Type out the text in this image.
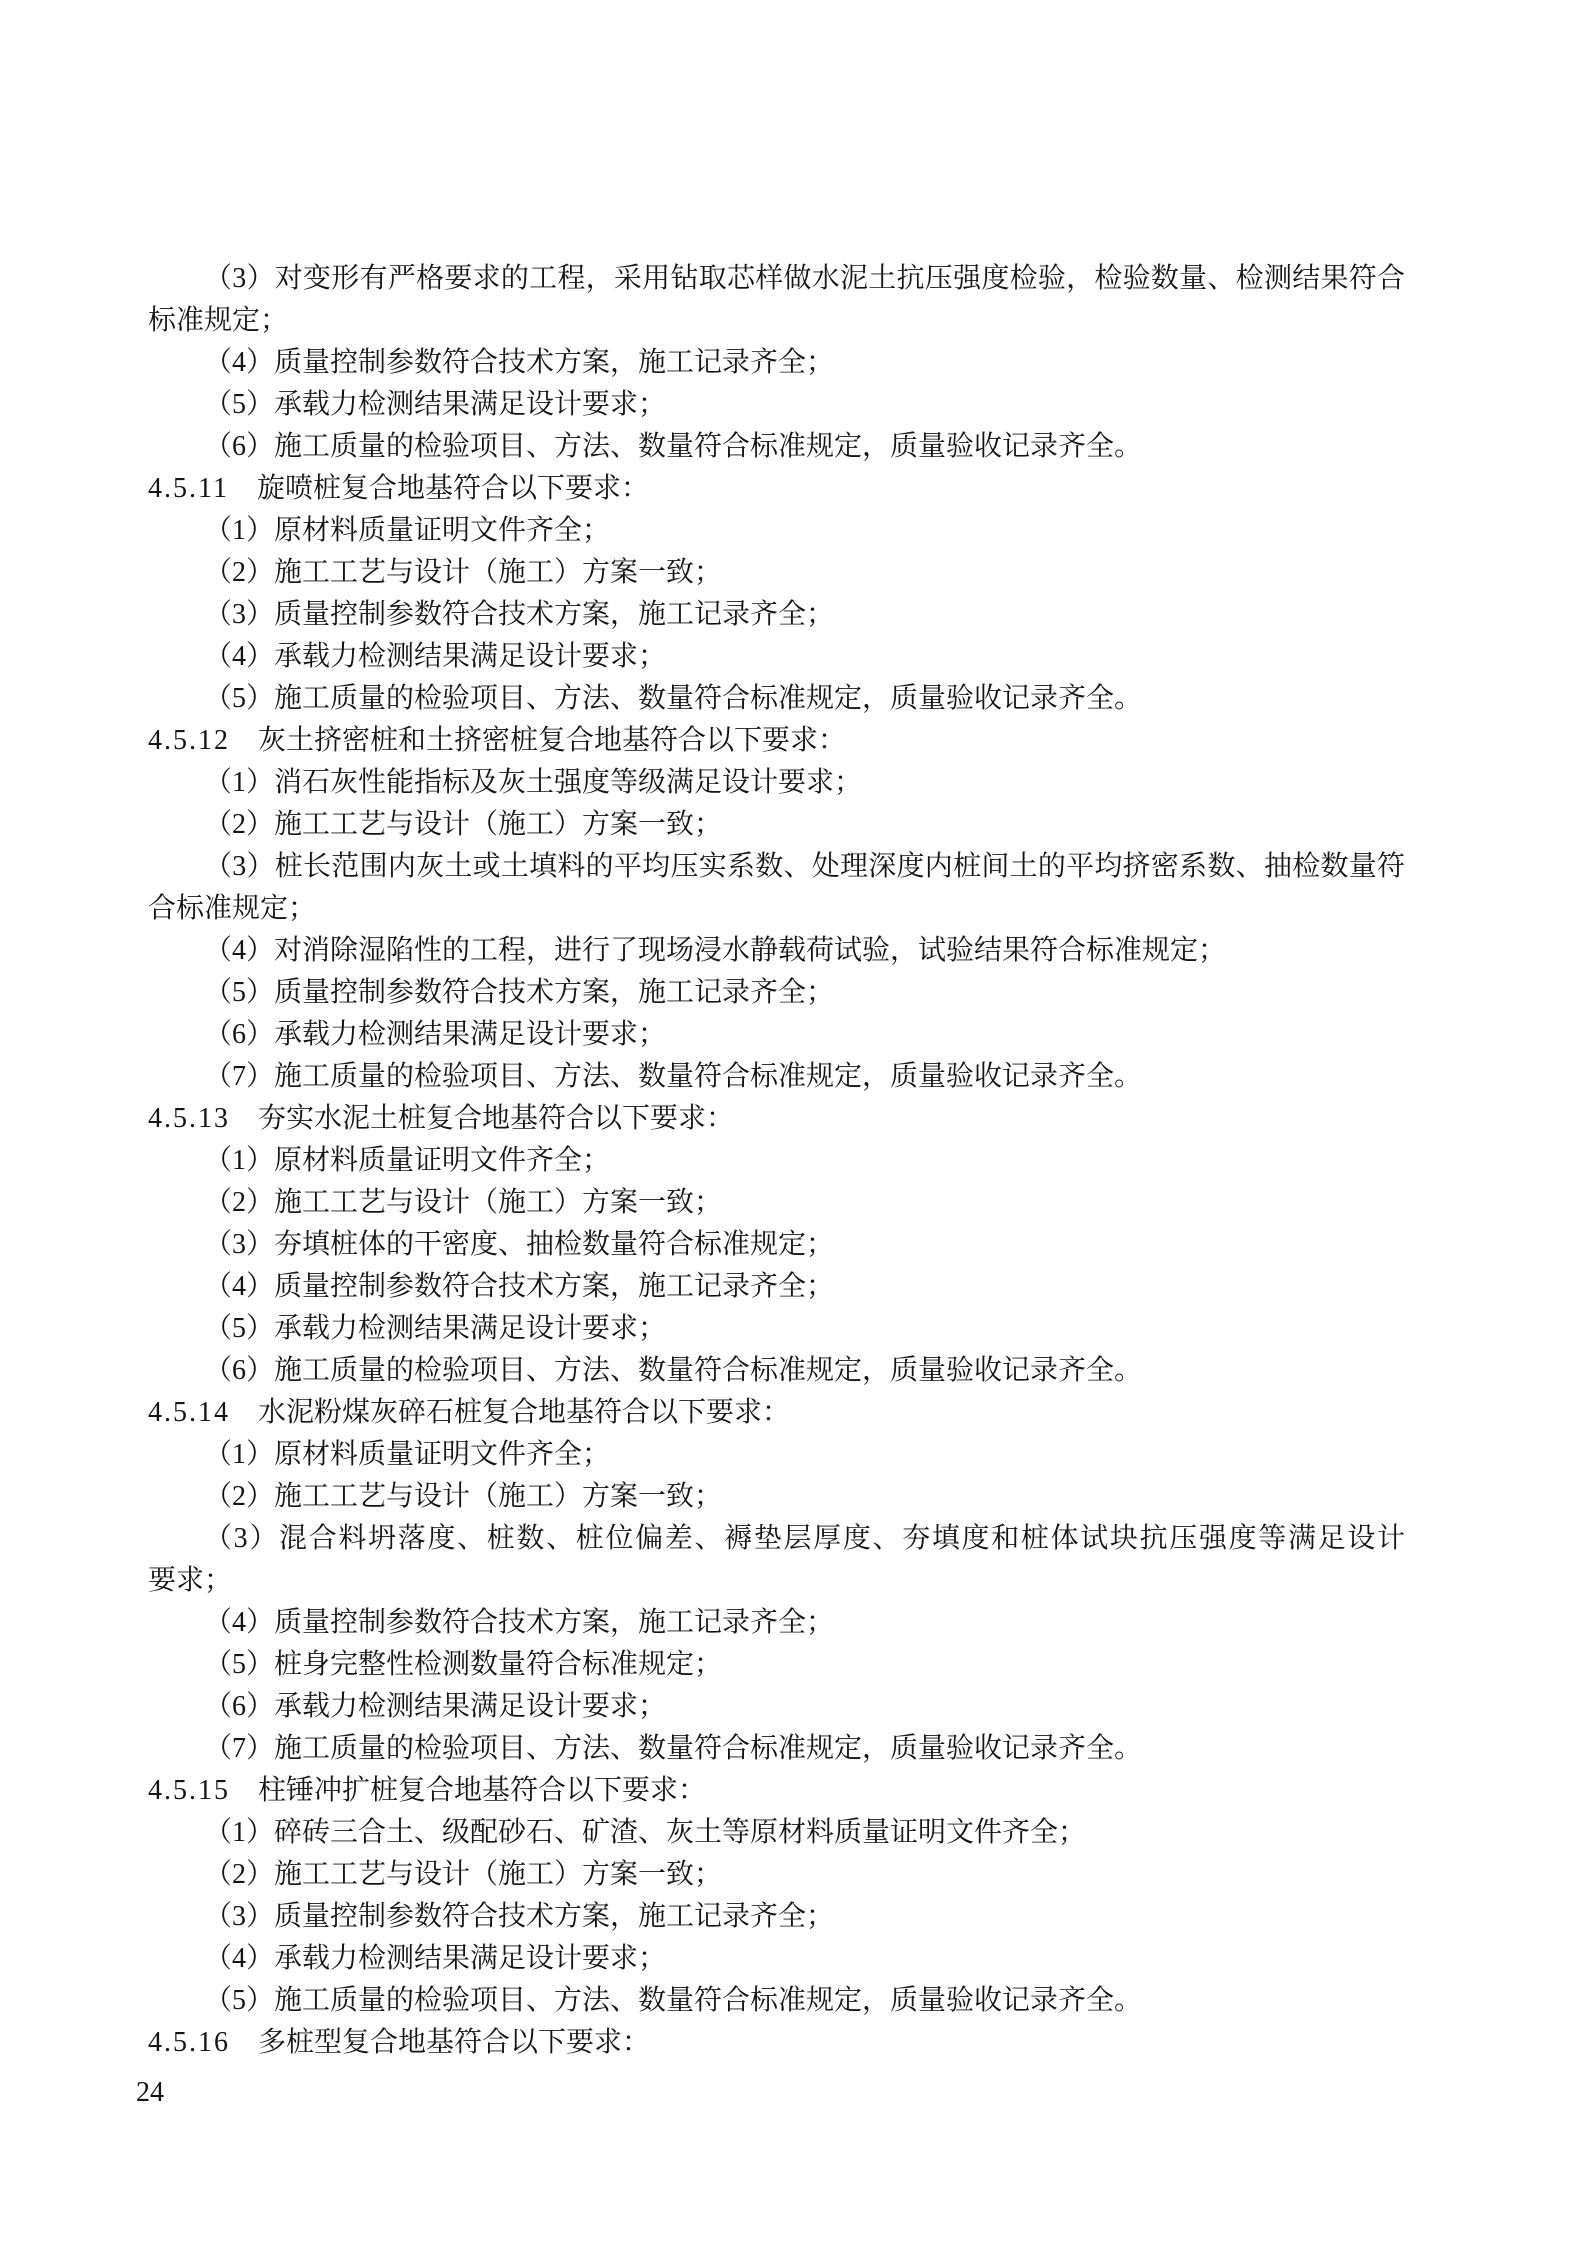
（3）对变形有严格要求的工程，采用钻取芯样做水泥土抗压强度检验，检验数量、检测结果符合
标准规定；
（4）质量控制参数符合技术方案，施工记录齐全；
（5）承载力检测结果满足设计要求；
（6）施工质量的检验项目、方法、数量符合标准规定，质量验收记录齐全。
4.5.11 旋喷桩复合地基符合以下要求：
（1）原材料质量证明文件齐全；
（2）施工工艺与设计（施工）方案一致；
（3）质量控制参数符合技术方案，施工记录齐全；
（4）承载力检测结果满足设计要求；
（5）施工质量的检验项目、方法、数量符合标准规定，质量验收记录齐全。
4.5.12 灰土挤密桩和土挤密桩复合地基符合以下要求：
（1）消石灰性能指标及灰土强度等级满足设计要求；
（2）施工工艺与设计（施工）方案一致；
（3）桩长范围内灰土或土填料的平均压实系数、处理深度内桩间土的平均挤密系数、抽检数量符
合标准规定；
（4）对消除湿陷性的工程，进行了现场浸水静载荷试验，试验结果符合标准规定；
（5）质量控制参数符合技术方案，施工记录齐全；
（6）承载力检测结果满足设计要求；
（7）施工质量的检验项目、方法、数量符合标准规定，质量验收记录齐全。
4.5.13 夯实水泥土桩复合地基符合以下要求：
（1）原材料质量证明文件齐全；
（2）施工工艺与设计（施工）方案一致；
（3）夯填桩体的干密度、抽检数量符合标准规定；
（4）质量控制参数符合技术方案，施工记录齐全；
（5）承载力检测结果满足设计要求；
（6）施工质量的检验项目、方法、数量符合标准规定，质量验收记录齐全。
4.5.14 水泥粉煤灰碎石桩复合地基符合以下要求：
（1）原材料质量证明文件齐全；
（2）施工工艺与设计（施工）方案一致；
（3）混合料坍落度、桩数、桩位偏差、褥垫层厚度、夯填度和桩体试块抗压强度等满足设计
要求；
（4）质量控制参数符合技术方案，施工记录齐全；
（5）桩身完整性检测数量符合标准规定；
（6）承载力检测结果满足设计要求；
（7）施工质量的检验项目、方法、数量符合标准规定，质量验收记录齐全。
4.5.15 柱锤冲扩桩复合地基符合以下要求：
（1）碎砖三合土、级配砂石、矿渣、灰土等原材料质量证明文件齐全；
（2）施工工艺与设计（施工）方案一致；
（3）质量控制参数符合技术方案，施工记录齐全；
（4）承载力检测结果满足设计要求；
（5）施工质量的检验项目、方法、数量符合标准规定，质量验收记录齐全。
4.5.16 多桩型复合地基符合以下要求：
24
